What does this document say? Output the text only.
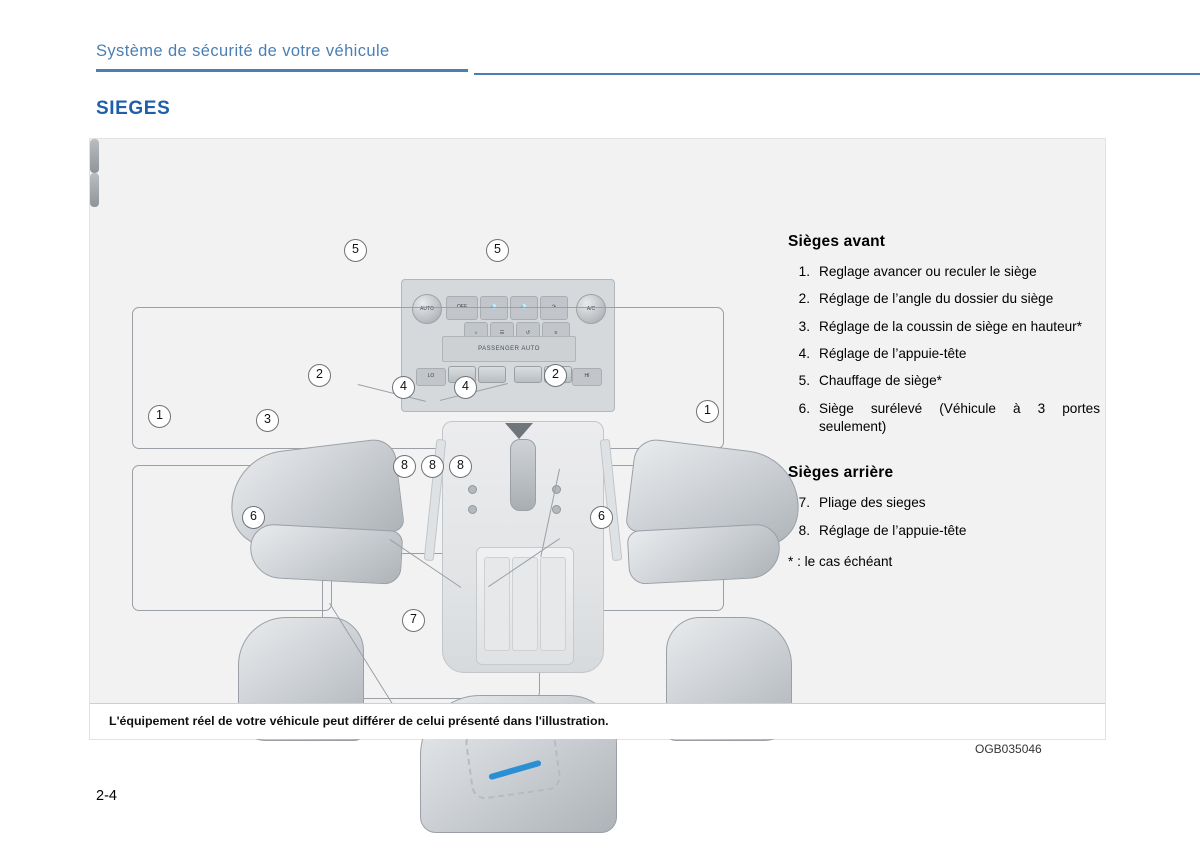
Système de sécurité de votre véhicule
SIEGES
AUTO	A/C
OFF	💨	💨	↷
☼	☴	↺	≡
PASSENGER AUTO
LO	HI
1
2
3
4	4
2
1
5	5
6	6
7
8	8	8
L'équipement réel de votre véhicule peut différer de celui présenté dans l'illustration.
OGB035046
Sièges avant
1. Reglage avancer ou reculer le siège
2. Réglage de l’angle du dossier du siège
3. Réglage de la coussin de siège en hauteur*
4. Réglage de l’appuie-tête
5. Chauffage de siège*
6. Siège surélevé (Véhicule à 3 portes seulement)
Sièges arrière
7. Pliage des sieges
8. Réglage de l’appuie-tête
* : le cas échéant
2-4
